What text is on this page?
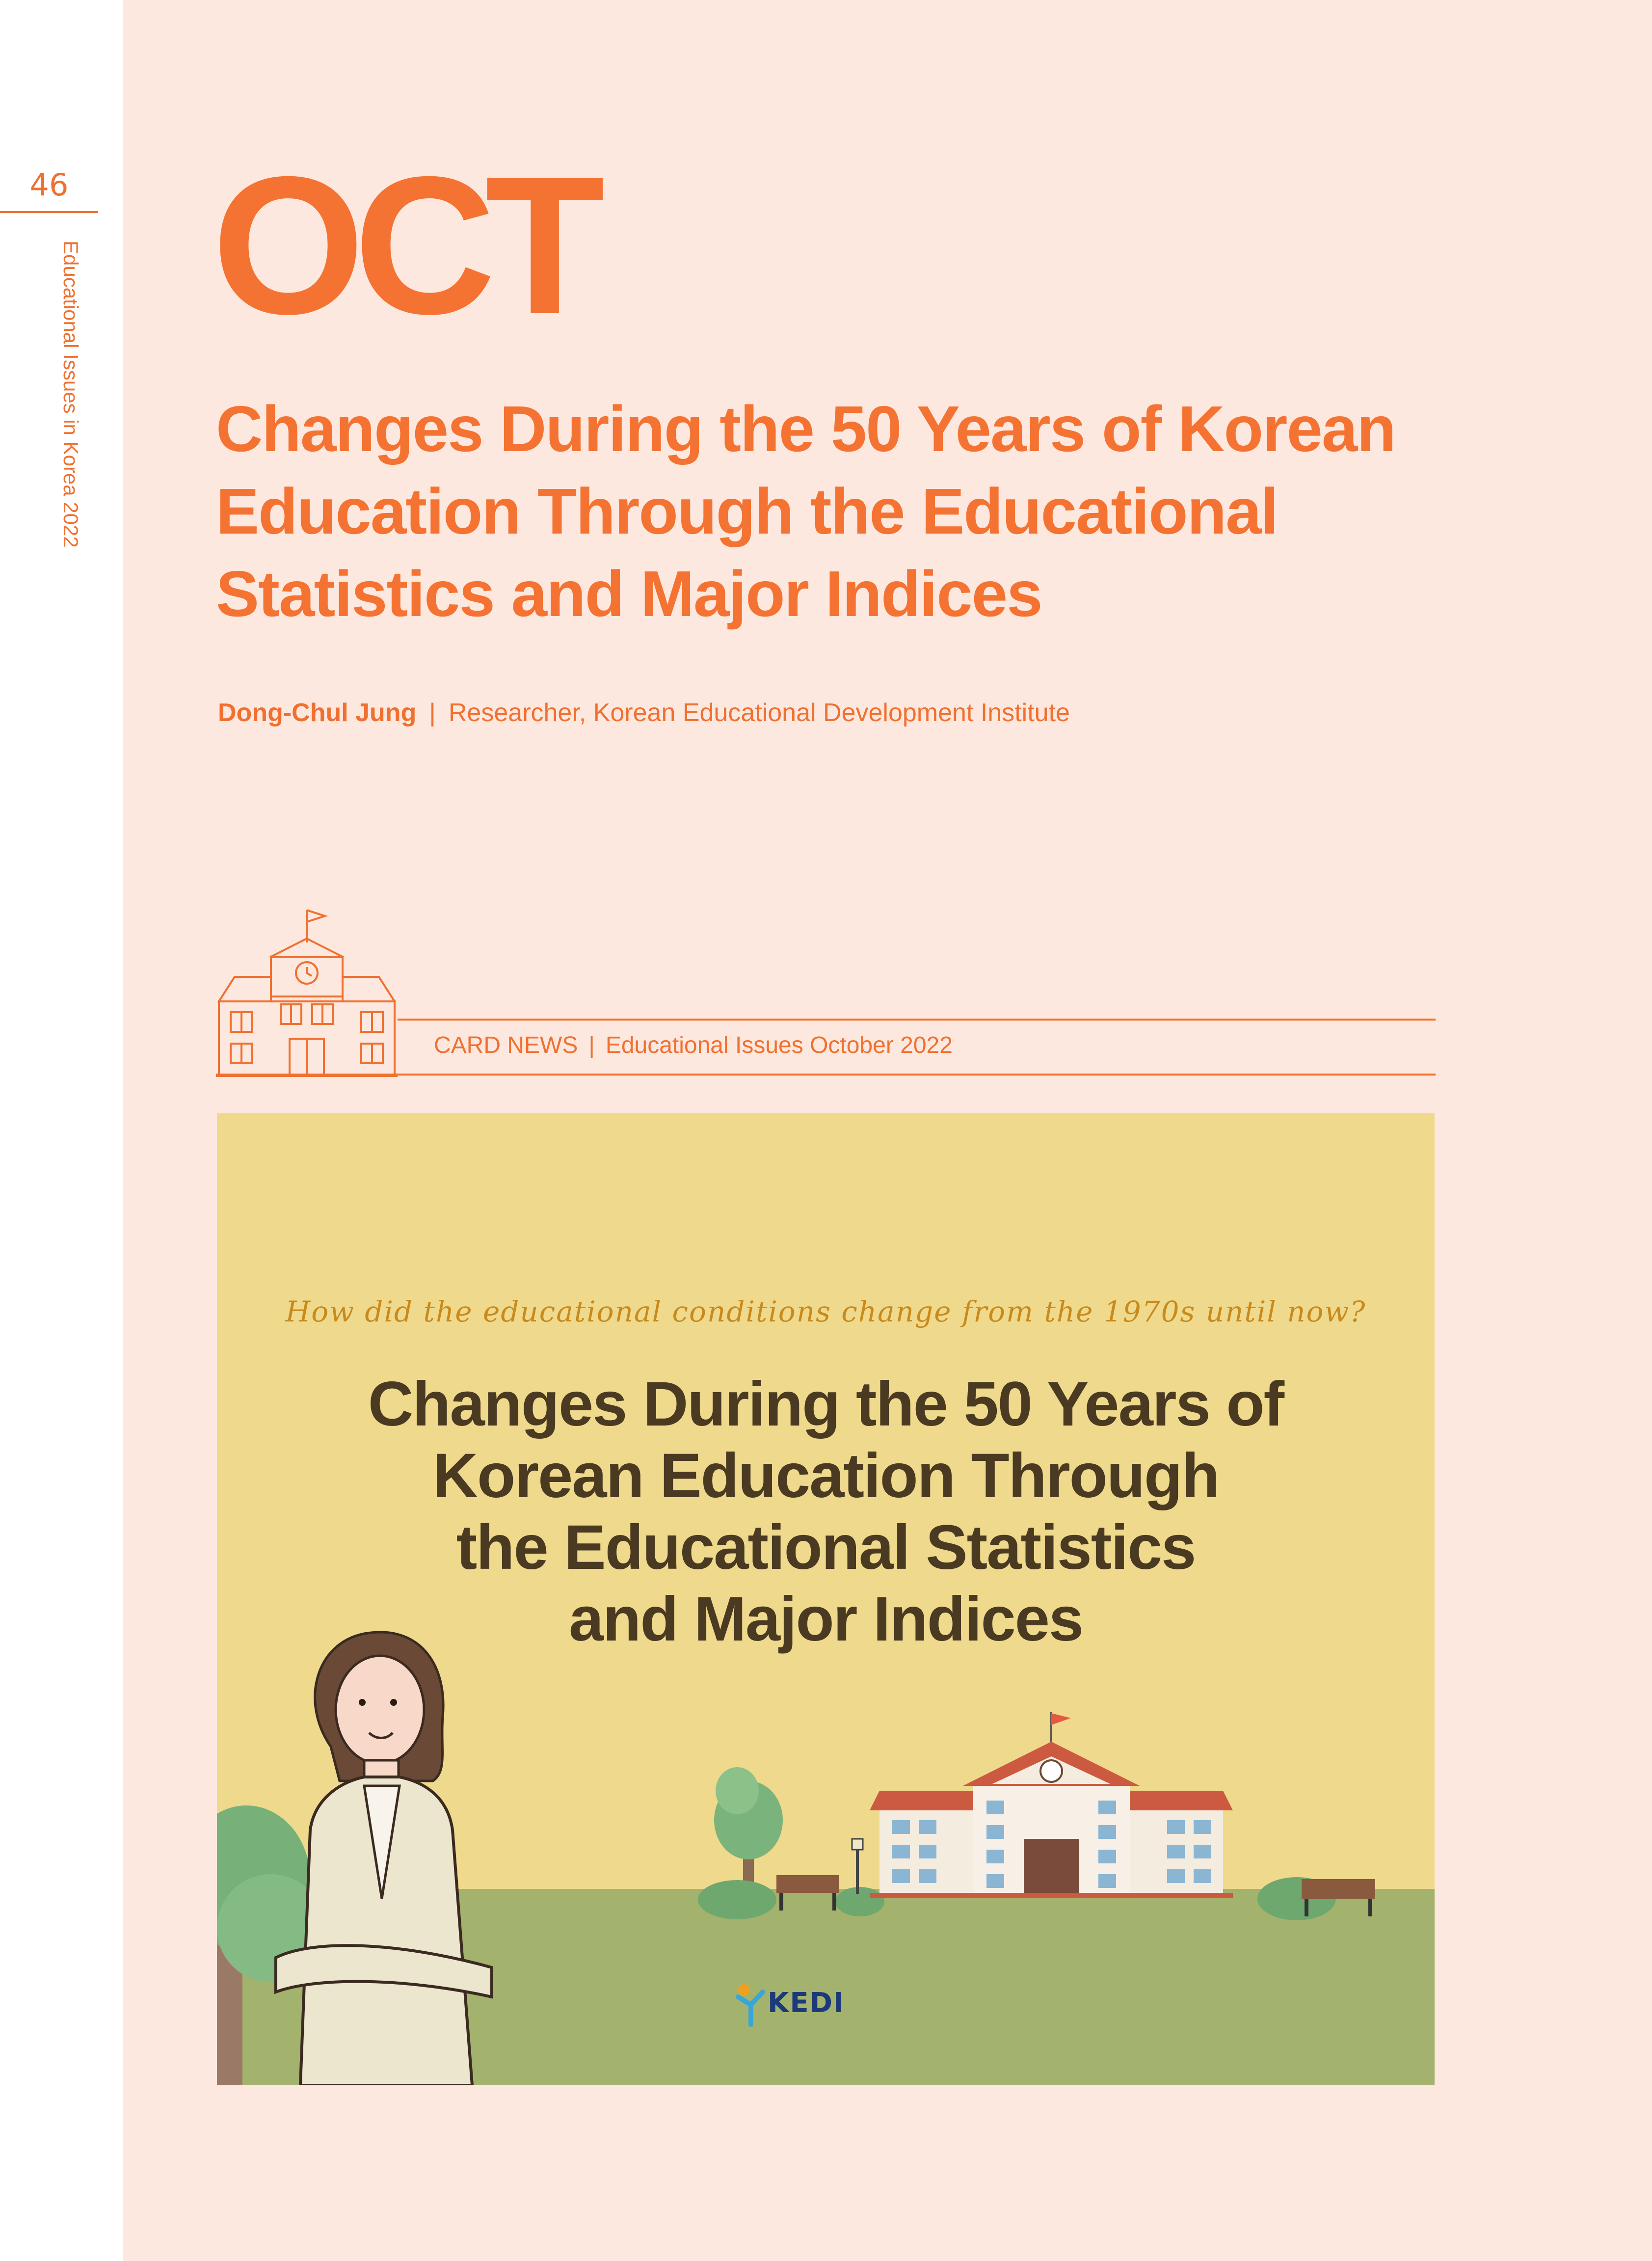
46
Educational Issues in Korea 2022 OCT
Changes During the 50 Years of Korean
Education Through the Educational
Statistics and Major Indices
Dong-Chul Jung | Researcher, Korean Educational Development Institute
CARD NEWS | Educational Issues October 2022
How did the educational conditions change from the 1970s until now?
Changes During the 50 Years of
Korean Education Through
the Educational Statistics
and Major Indices
KEDI
